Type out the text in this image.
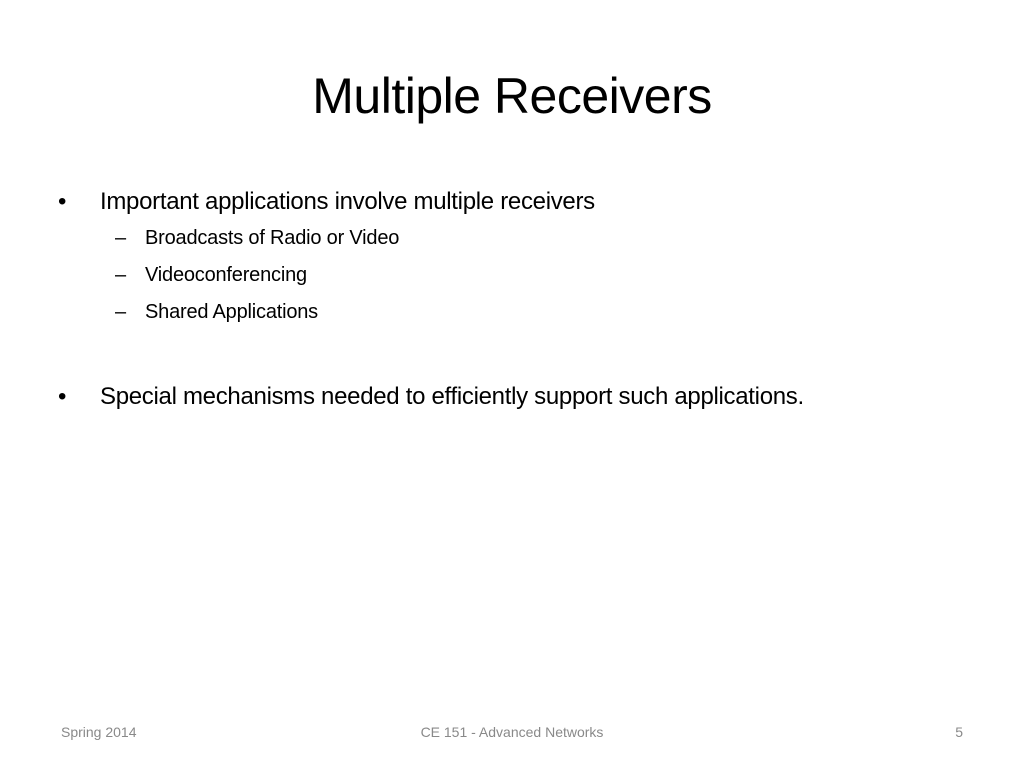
Multiple Receivers
•	Important applications involve multiple receivers
– Broadcasts of Radio or Video
– Videoconferencing
– Shared Applications
•	Special mechanisms needed to efficiently support such applications.
Spring 2014	CE 151 - Advanced Networks	5
